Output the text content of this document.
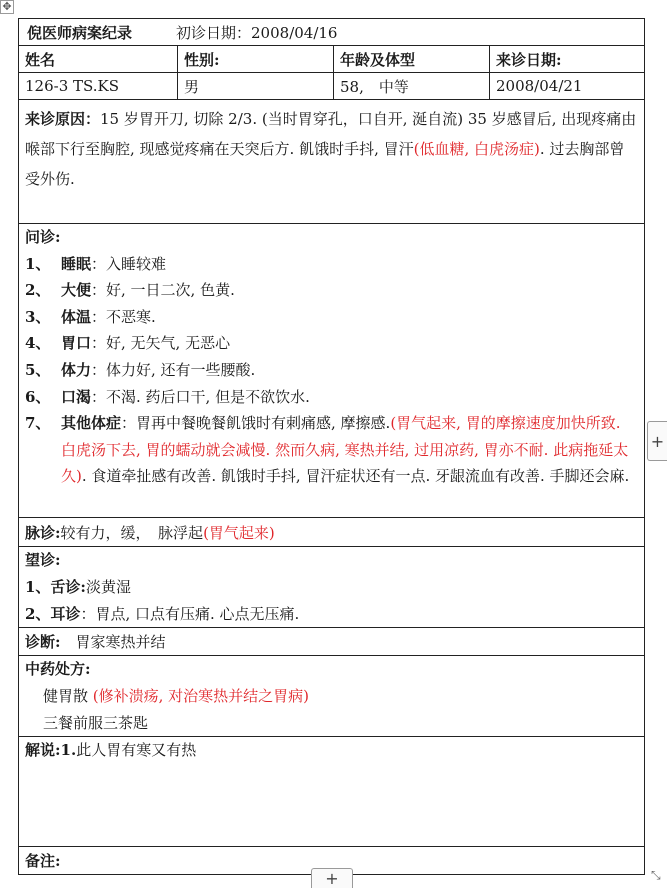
✥
倪医师病案纪录	初诊日期：2008/04/16
姓名	性别:	年龄及体型	来诊日期:
126-3 TS.KS	男	58,　中等	2008/04/21
来诊原因：15 岁胃开刀, 切除 2/3. (当时胃穿孔，口自开, 涎自流) 35 岁感冒后, 出现疼痛由喉部下行至胸腔, 现感觉疼痛在天突后方. 飢饿时手抖, 冒汗(低血糖, 白虎汤症). 过去胸部曾受外伤.
问诊:
1、 睡眠：入睡较难
2、 大便：好, 一日二次, 色黄.
3、 体温：不恶寒.
4、 胃口：好, 无矢气, 无恶心
5、 体力：体力好, 还有一些腰酸.
6、 口渴：不渴. 药后口干, 但是不欲饮水.
7、 其他体症：胃再中餐晚餐飢饿时有刺痛感, 摩擦感.(胃气起来, 胃的摩擦速度加快所致. 白虎汤下去, 胃的蠕动就会减慢. 然而久病, 寒热并结, 过用凉药, 胃亦不耐. 此病拖延太久). 食道牵扯感有改善. 飢饿时手抖, 冒汗症状还有一点. 牙龈流血有改善. 手脚还会麻.
脉诊: 较有力，缓，　脉浮起 (胃气起来)
望诊:
1、舌诊:淡黄湿
2、耳诊：胃点, 口点有压痛. 心点无压痛.
诊断: 　胃家寒热并结
中药处方:
健胃散 (修补溃疡, 对治寒热并结之胃病)
三餐前服三茶匙
解说:1.此人胃有寒又有热
备注:
+
+	⤡
